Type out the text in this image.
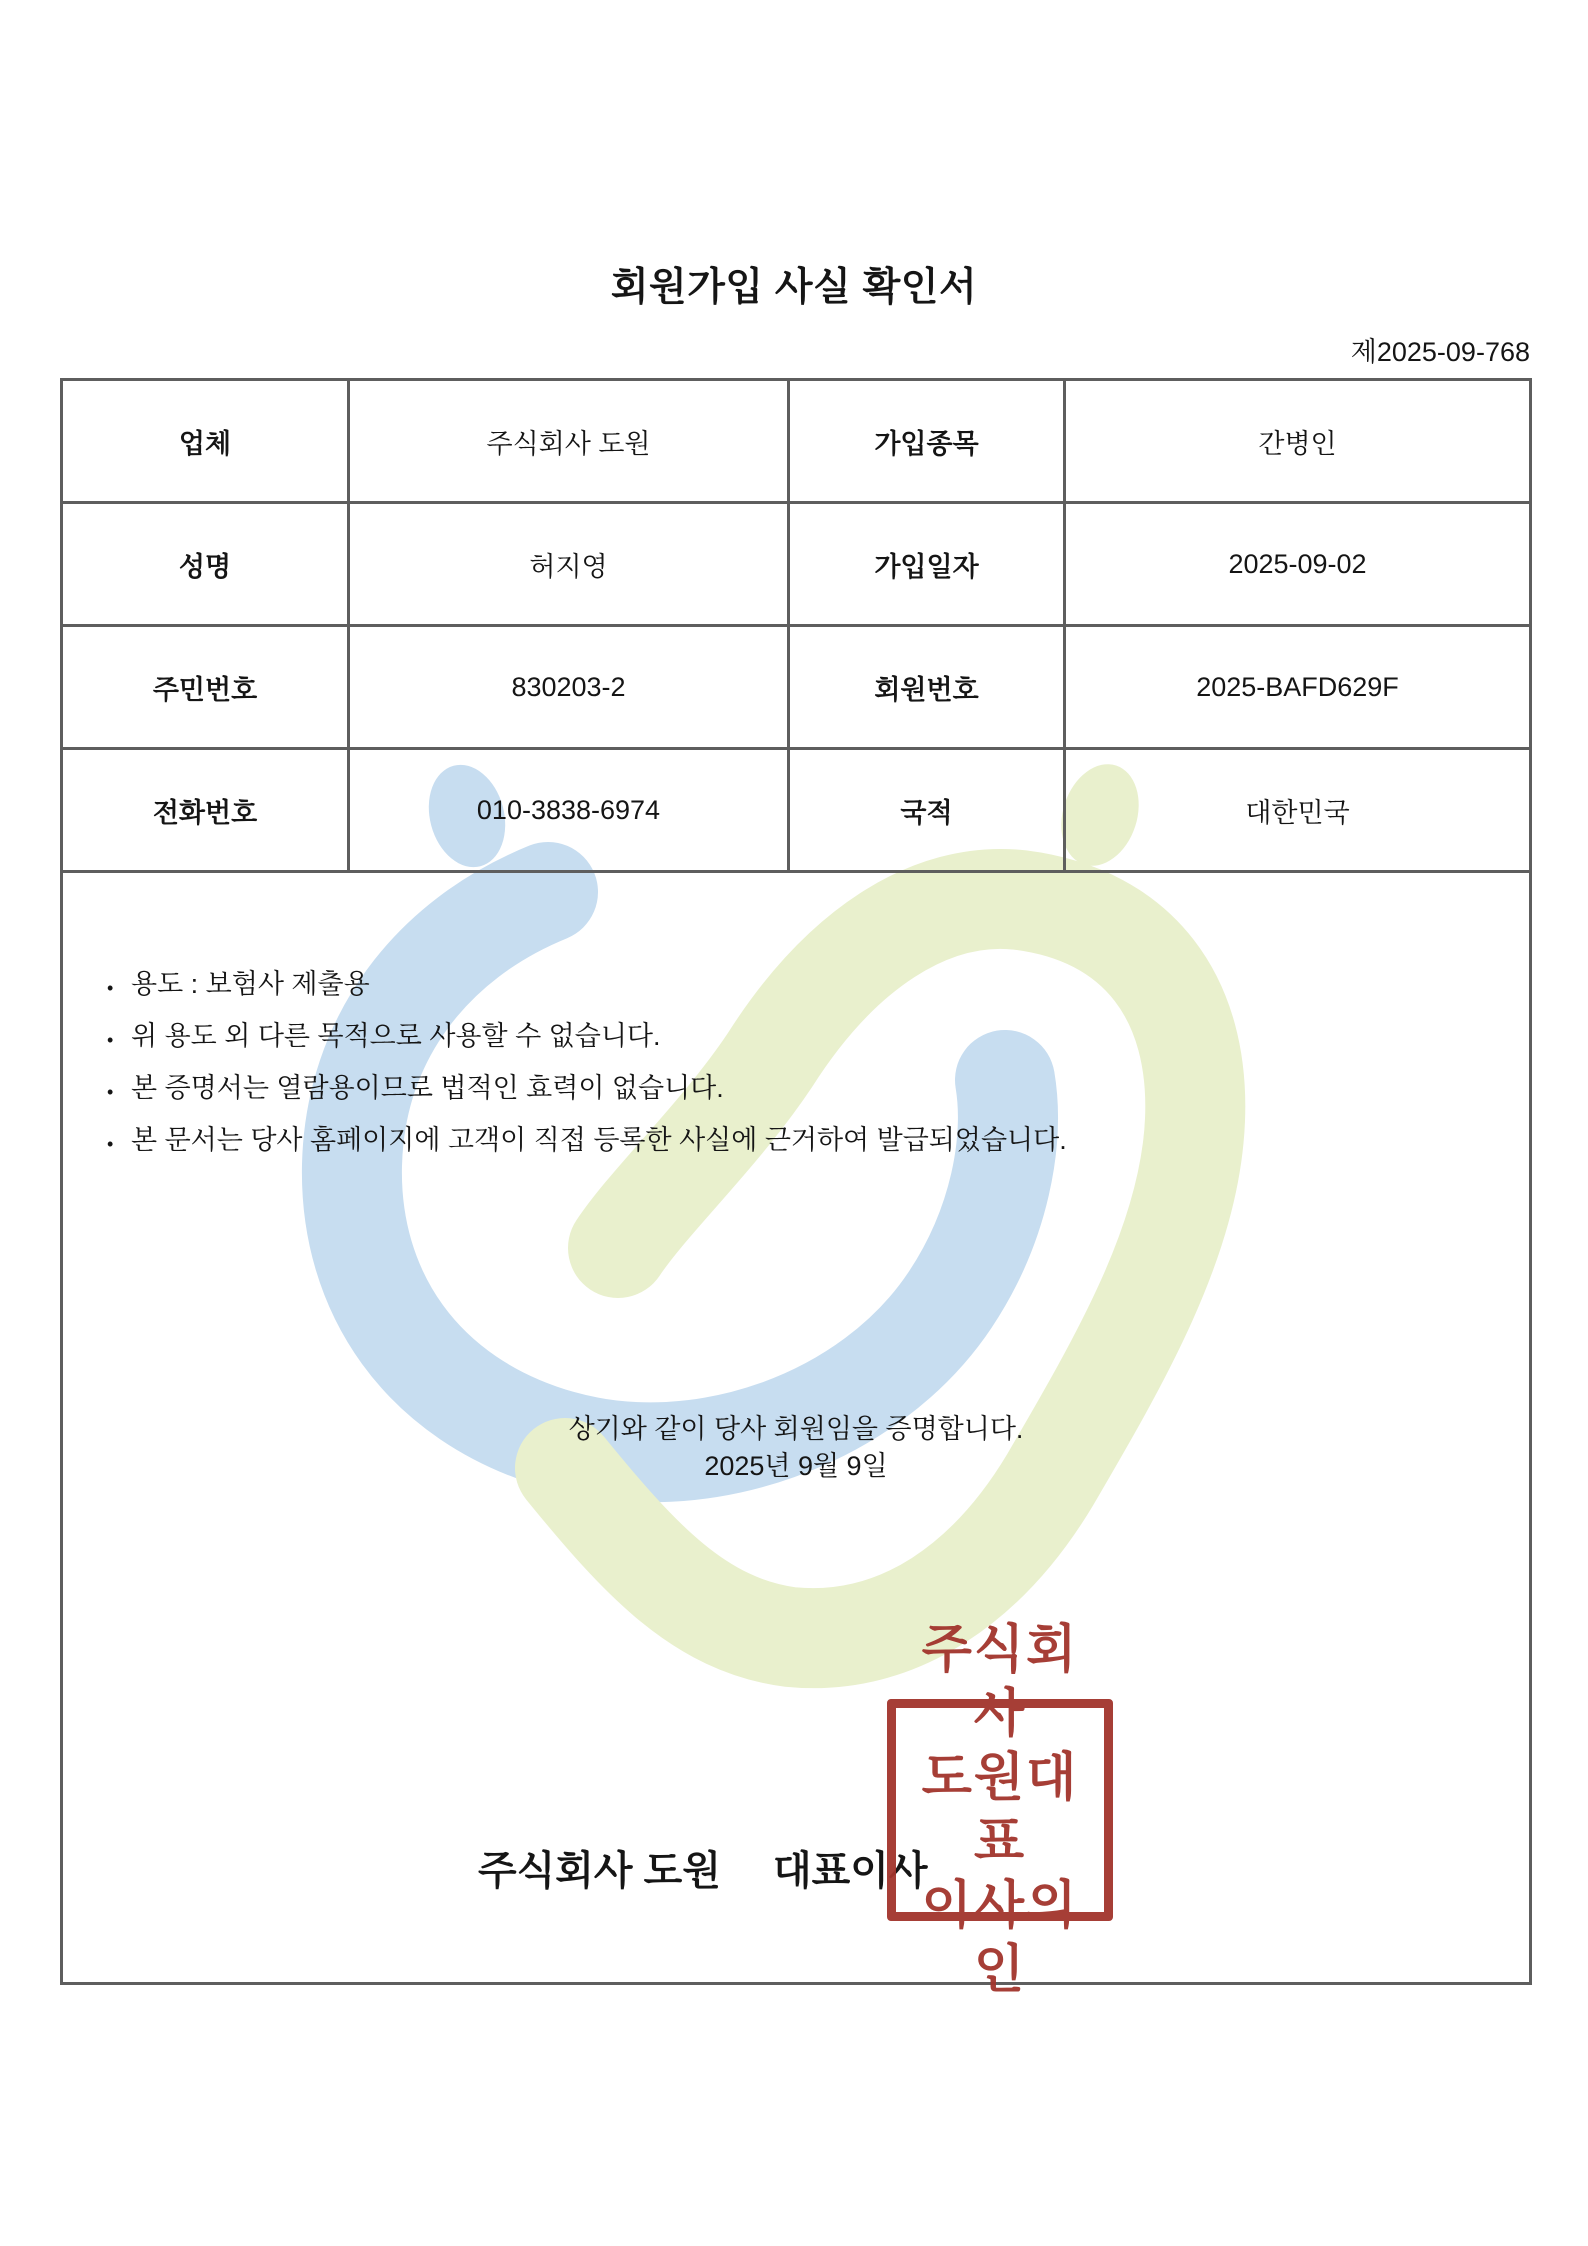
회원가입 사실 확인서
제2025-09-768
업체	주식회사 도원	가입종목	간병인
성명	허지영	가입일자	2025-09-02
주민번호	830203-2	회원번호	2025-BAFD629F
전화번호	010-3838-6974	국적	대한민국
• 용도 : 보험사 제출용
• 위 용도 외 다른 목적으로 사용할 수 없습니다.
• 본 증명서는 열람용이므로 법적인 효력이 없습니다.
• 본 문서는 당사 홈페이지에 고객이 직접 등록한 사실에 근거하여 발급되었습니다.
상기와 같이 당사 회원임을 증명합니다.
2025년 9월 9일
주식회사 도원 대표이사
주식회사
도원대표
이사의인
